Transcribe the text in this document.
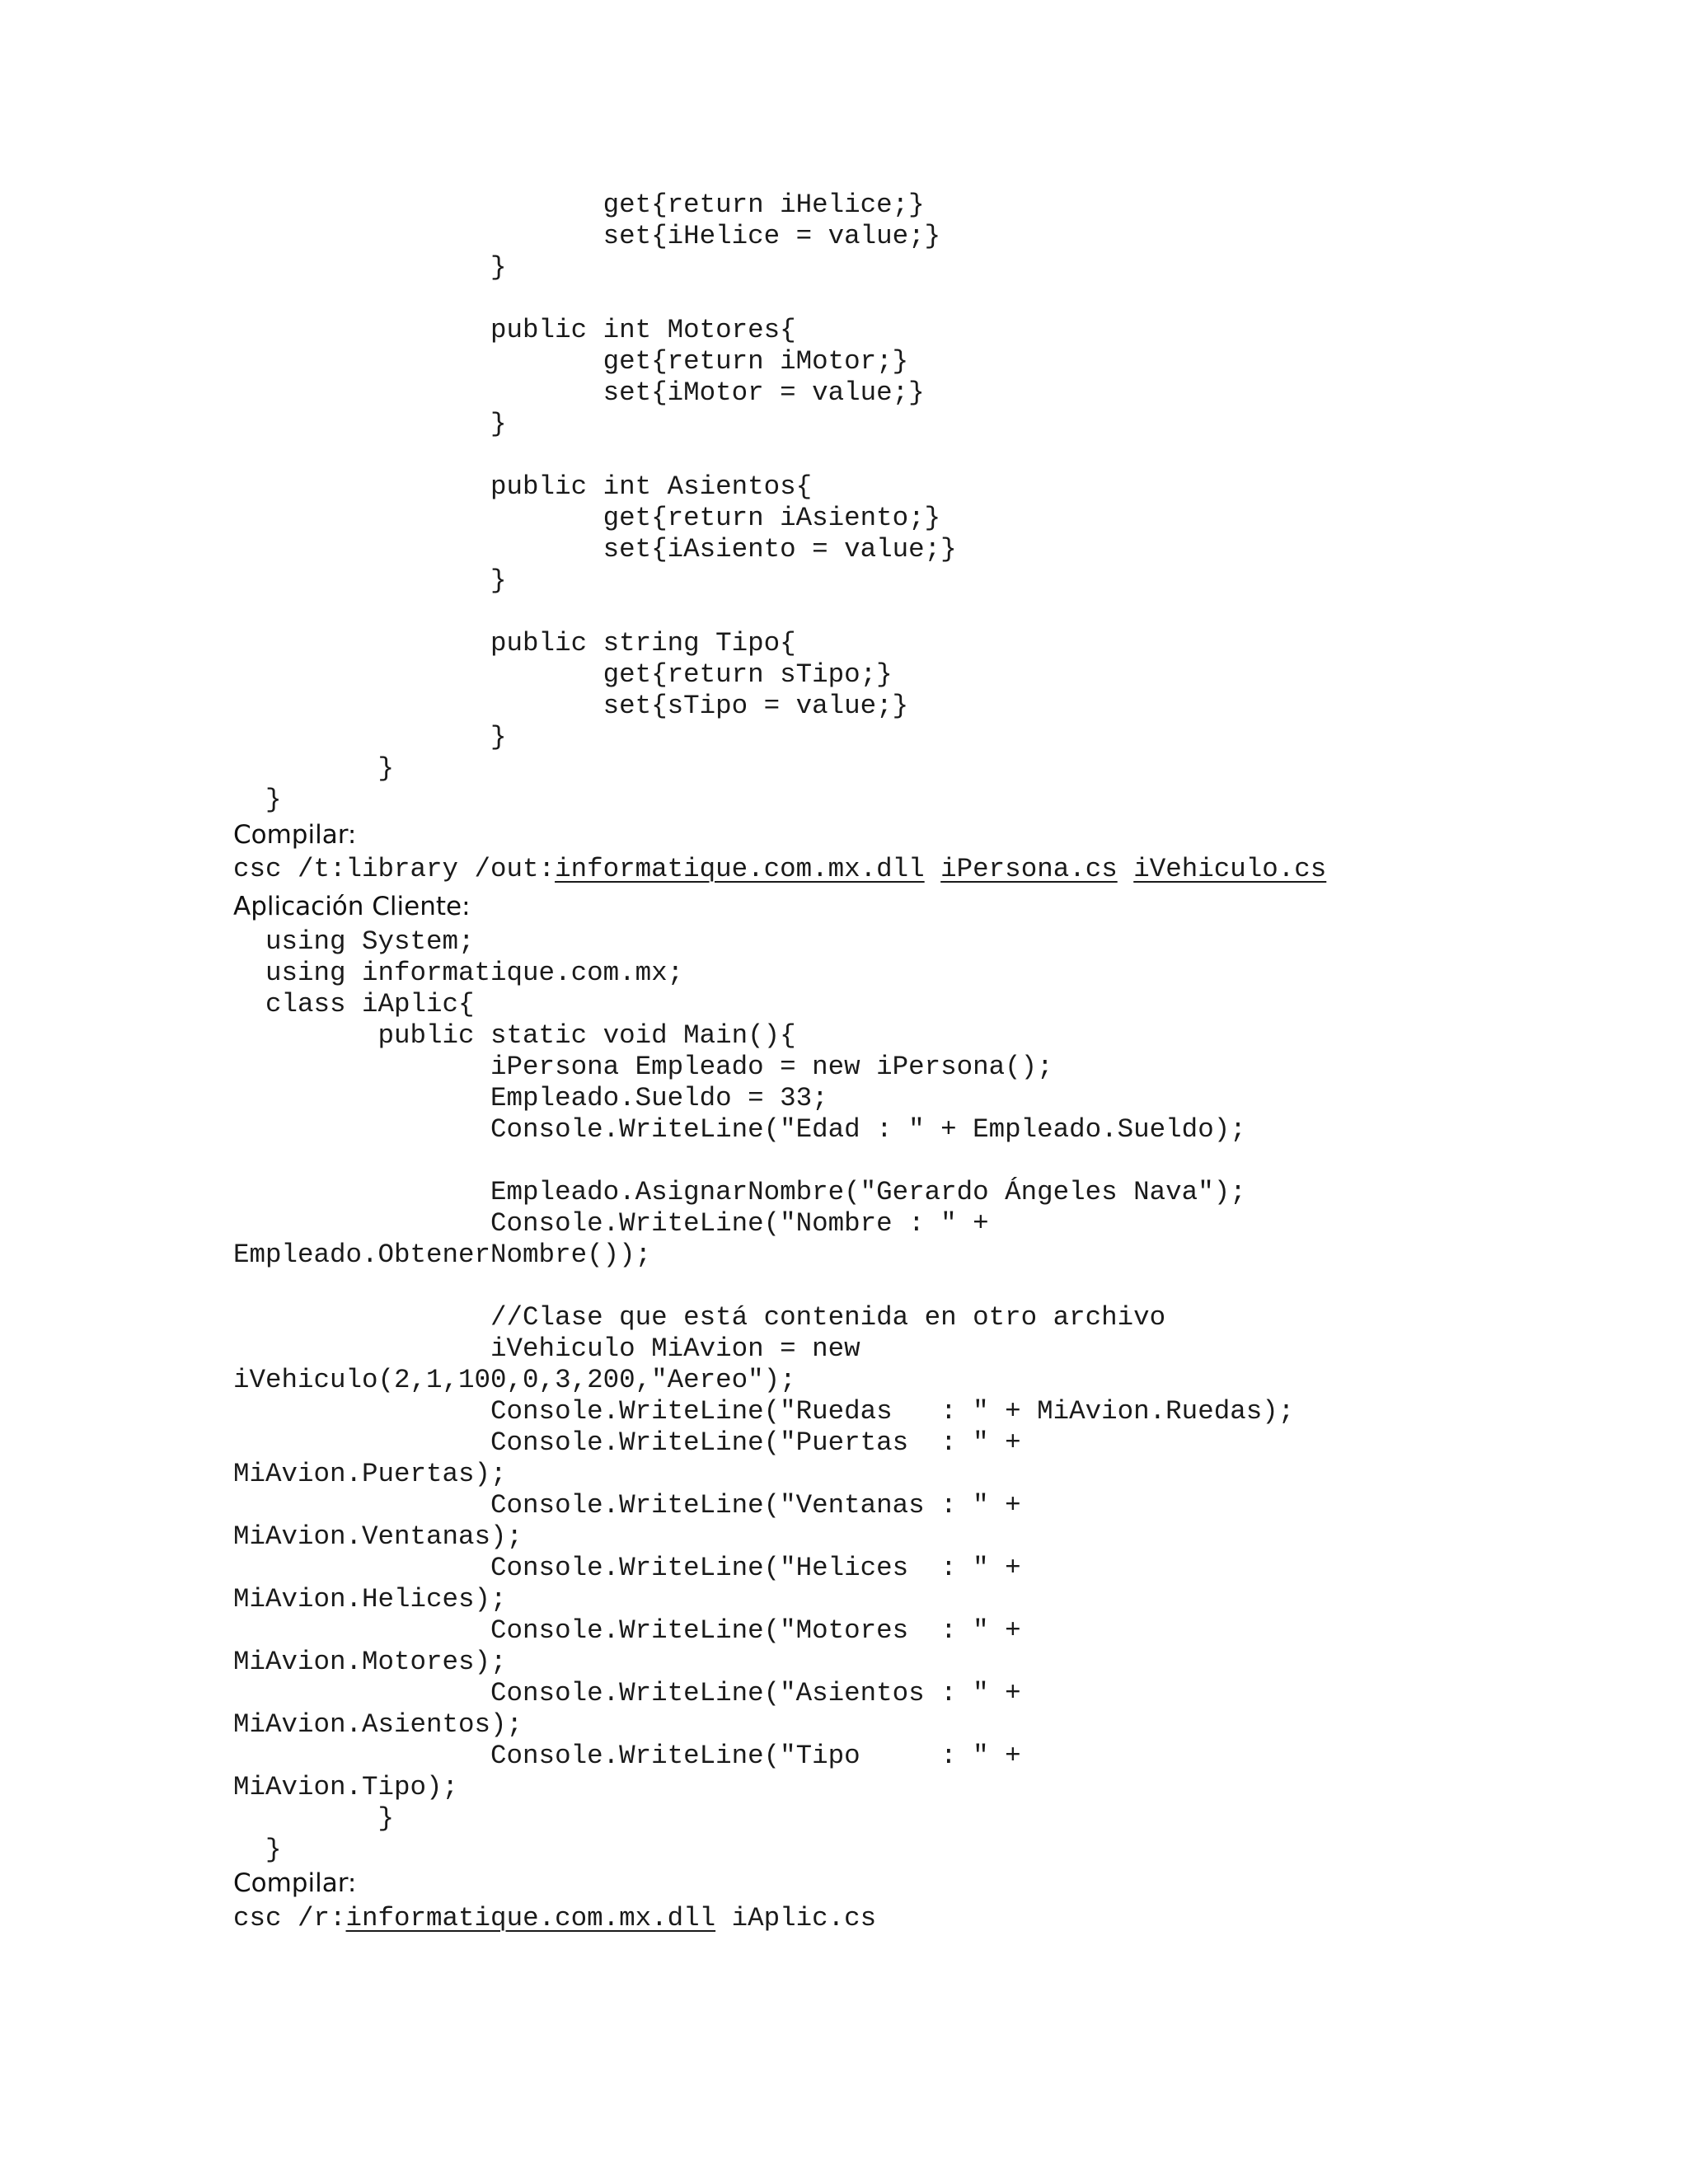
get{return iHelice;}
set{iHelice = value;}
}
public int Motores{
get{return iMotor;}
set{iMotor = value;}
}
public int Asientos{
get{return iAsiento;}
set{iAsiento = value;}
}
public string Tipo{
get{return sTipo;}
set{sTipo = value;}
}
}
}
Compilar:
csc /t:library /out:informatique.com.mx.dll iPersona.cs iVehiculo.cs
Aplicación Cliente:
using System;
using informatique.com.mx;
class iAplic{
public static void Main(){
iPersona Empleado = new iPersona();
Empleado.Sueldo = 33;
Console.WriteLine("Edad : " + Empleado.Sueldo);
Empleado.AsignarNombre("Gerardo Ángeles Nava");
Console.WriteLine("Nombre : " +
Empleado.ObtenerNombre());
//Clase que está contenida en otro archivo
iVehiculo MiAvion = new
iVehiculo(2,1,100,0,3,200,"Aereo");
Console.WriteLine("Ruedas   : " + MiAvion.Ruedas);
Console.WriteLine("Puertas  : " +
MiAvion.Puertas);
Console.WriteLine("Ventanas : " +
MiAvion.Ventanas);
Console.WriteLine("Helices  : " +
MiAvion.Helices);
Console.WriteLine("Motores  : " +
MiAvion.Motores);
Console.WriteLine("Asientos : " +
MiAvion.Asientos);
Console.WriteLine("Tipo     : " +
MiAvion.Tipo);
}
}
Compilar:
csc /r:informatique.com.mx.dll iAplic.cs
